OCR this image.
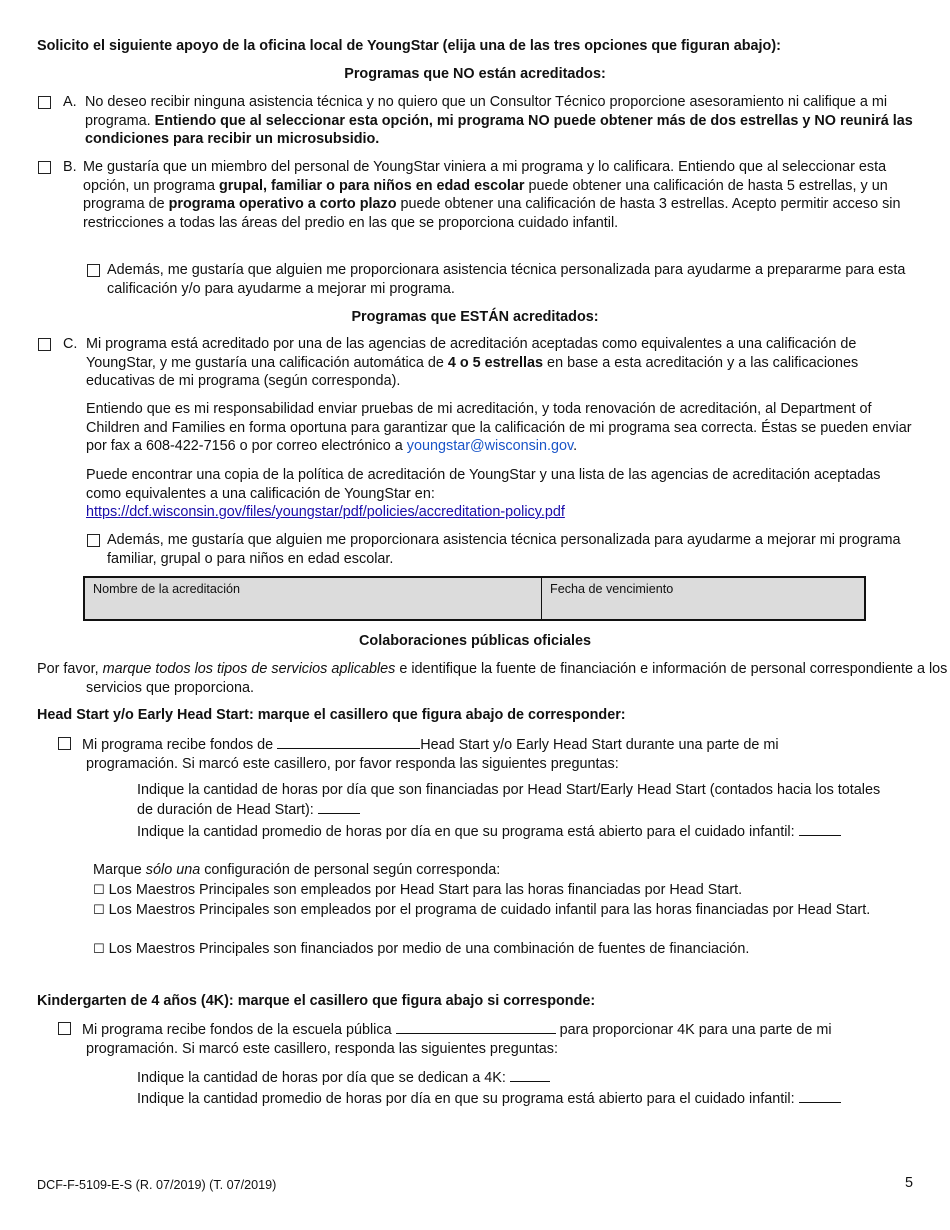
Solicito el siguiente apoyo de la oficina local de YoungStar (elija una de las tres opciones que figuran abajo):
Programas que NO están acreditados:
A. No deseo recibir ninguna asistencia técnica y no quiero que un Consultor Técnico proporcione asesoramiento ni califique a mi programa. Entiendo que al seleccionar esta opción, mi programa NO puede obtener más de dos estrellas y NO reunirá las condiciones para recibir un microsubsidio.
B. Me gustaría que un miembro del personal de YoungStar viniera a mi programa y lo calificara. Entiendo que al seleccionar esta opción, un programa grupal, familiar o para niños en edad escolar puede obtener una calificación de hasta 5 estrellas, y un programa de programa operativo a corto plazo puede obtener una calificación de hasta 3 estrellas. Acepto permitir acceso sin restricciones a todas las áreas del predio en las que se proporciona cuidado infantil.
Además, me gustaría que alguien me proporcionara asistencia técnica personalizada para ayudarme a prepararme para esta calificación y/o para ayudarme a mejorar mi programa.
Programas que ESTÁN acreditados:
C. Mi programa está acreditado por una de las agencias de acreditación aceptadas como equivalentes a una calificación de YoungStar, y me gustaría una calificación automática de 4 o 5 estrellas en base a esta acreditación y a las calificaciones educativas de mi programa (según corresponda).
Entiendo que es mi responsabilidad enviar pruebas de mi acreditación, y toda renovación de acreditación, al Department of Children and Families en forma oportuna para garantizar que la calificación de mi programa sea correcta. Éstas se pueden enviar por fax a 608-422-7156 o por correo electrónico a youngstar@wisconsin.gov.
Puede encontrar una copia de la política de acreditación de YoungStar y una lista de las agencias de acreditación aceptadas como equivalentes a una calificación de YoungStar en:
https://dcf.wisconsin.gov/files/youngstar/pdf/policies/accreditation-policy.pdf
Además, me gustaría que alguien me proporcionara asistencia técnica personalizada para ayudarme a mejorar mi programa familiar, grupal o para niños en edad escolar.
Nombre de la acreditación	Fecha de vencimiento
Colaboraciones públicas oficiales
Por favor, marque todos los tipos de servicios aplicables e identifique la fuente de financiación e información de personal correspondiente a los servicios que proporciona.
Head Start y/o Early Head Start: marque el casillero que figura abajo de corresponder:
Mi programa recibe fondos de	Head Start y/o Early Head Start durante una parte de mi programación. Si marcó este casillero, por favor responda las siguientes preguntas:
Indique la cantidad de horas por día que son financiadas por Head Start/Early Head Start (contados hacia los totales de duración de Head Start):
Indique la cantidad promedio de horas por día en que su programa está abierto para el cuidado infantil:
Marque sólo una configuración de personal según corresponda:
☐ Los Maestros Principales son empleados por Head Start para las horas financiadas por Head Start.
☐ Los Maestros Principales son empleados por el programa de cuidado infantil para las horas financiadas por Head Start.
☐ Los Maestros Principales son financiados por medio de una combinación de fuentes de financiación.
Kindergarten de 4 años (4K): marque el casillero que figura abajo si corresponde:
Mi programa recibe fondos de la escuela pública	para proporcionar 4K para una parte de mi programación. Si marcó este casillero, responda las siguientes preguntas:
Indique la cantidad de horas por día que se dedican a 4K:
Indique la cantidad promedio de horas por día en que su programa está abierto para el cuidado infantil:
DCF-F-5109-E-S (R. 07/2019) (T. 07/2019)	5
